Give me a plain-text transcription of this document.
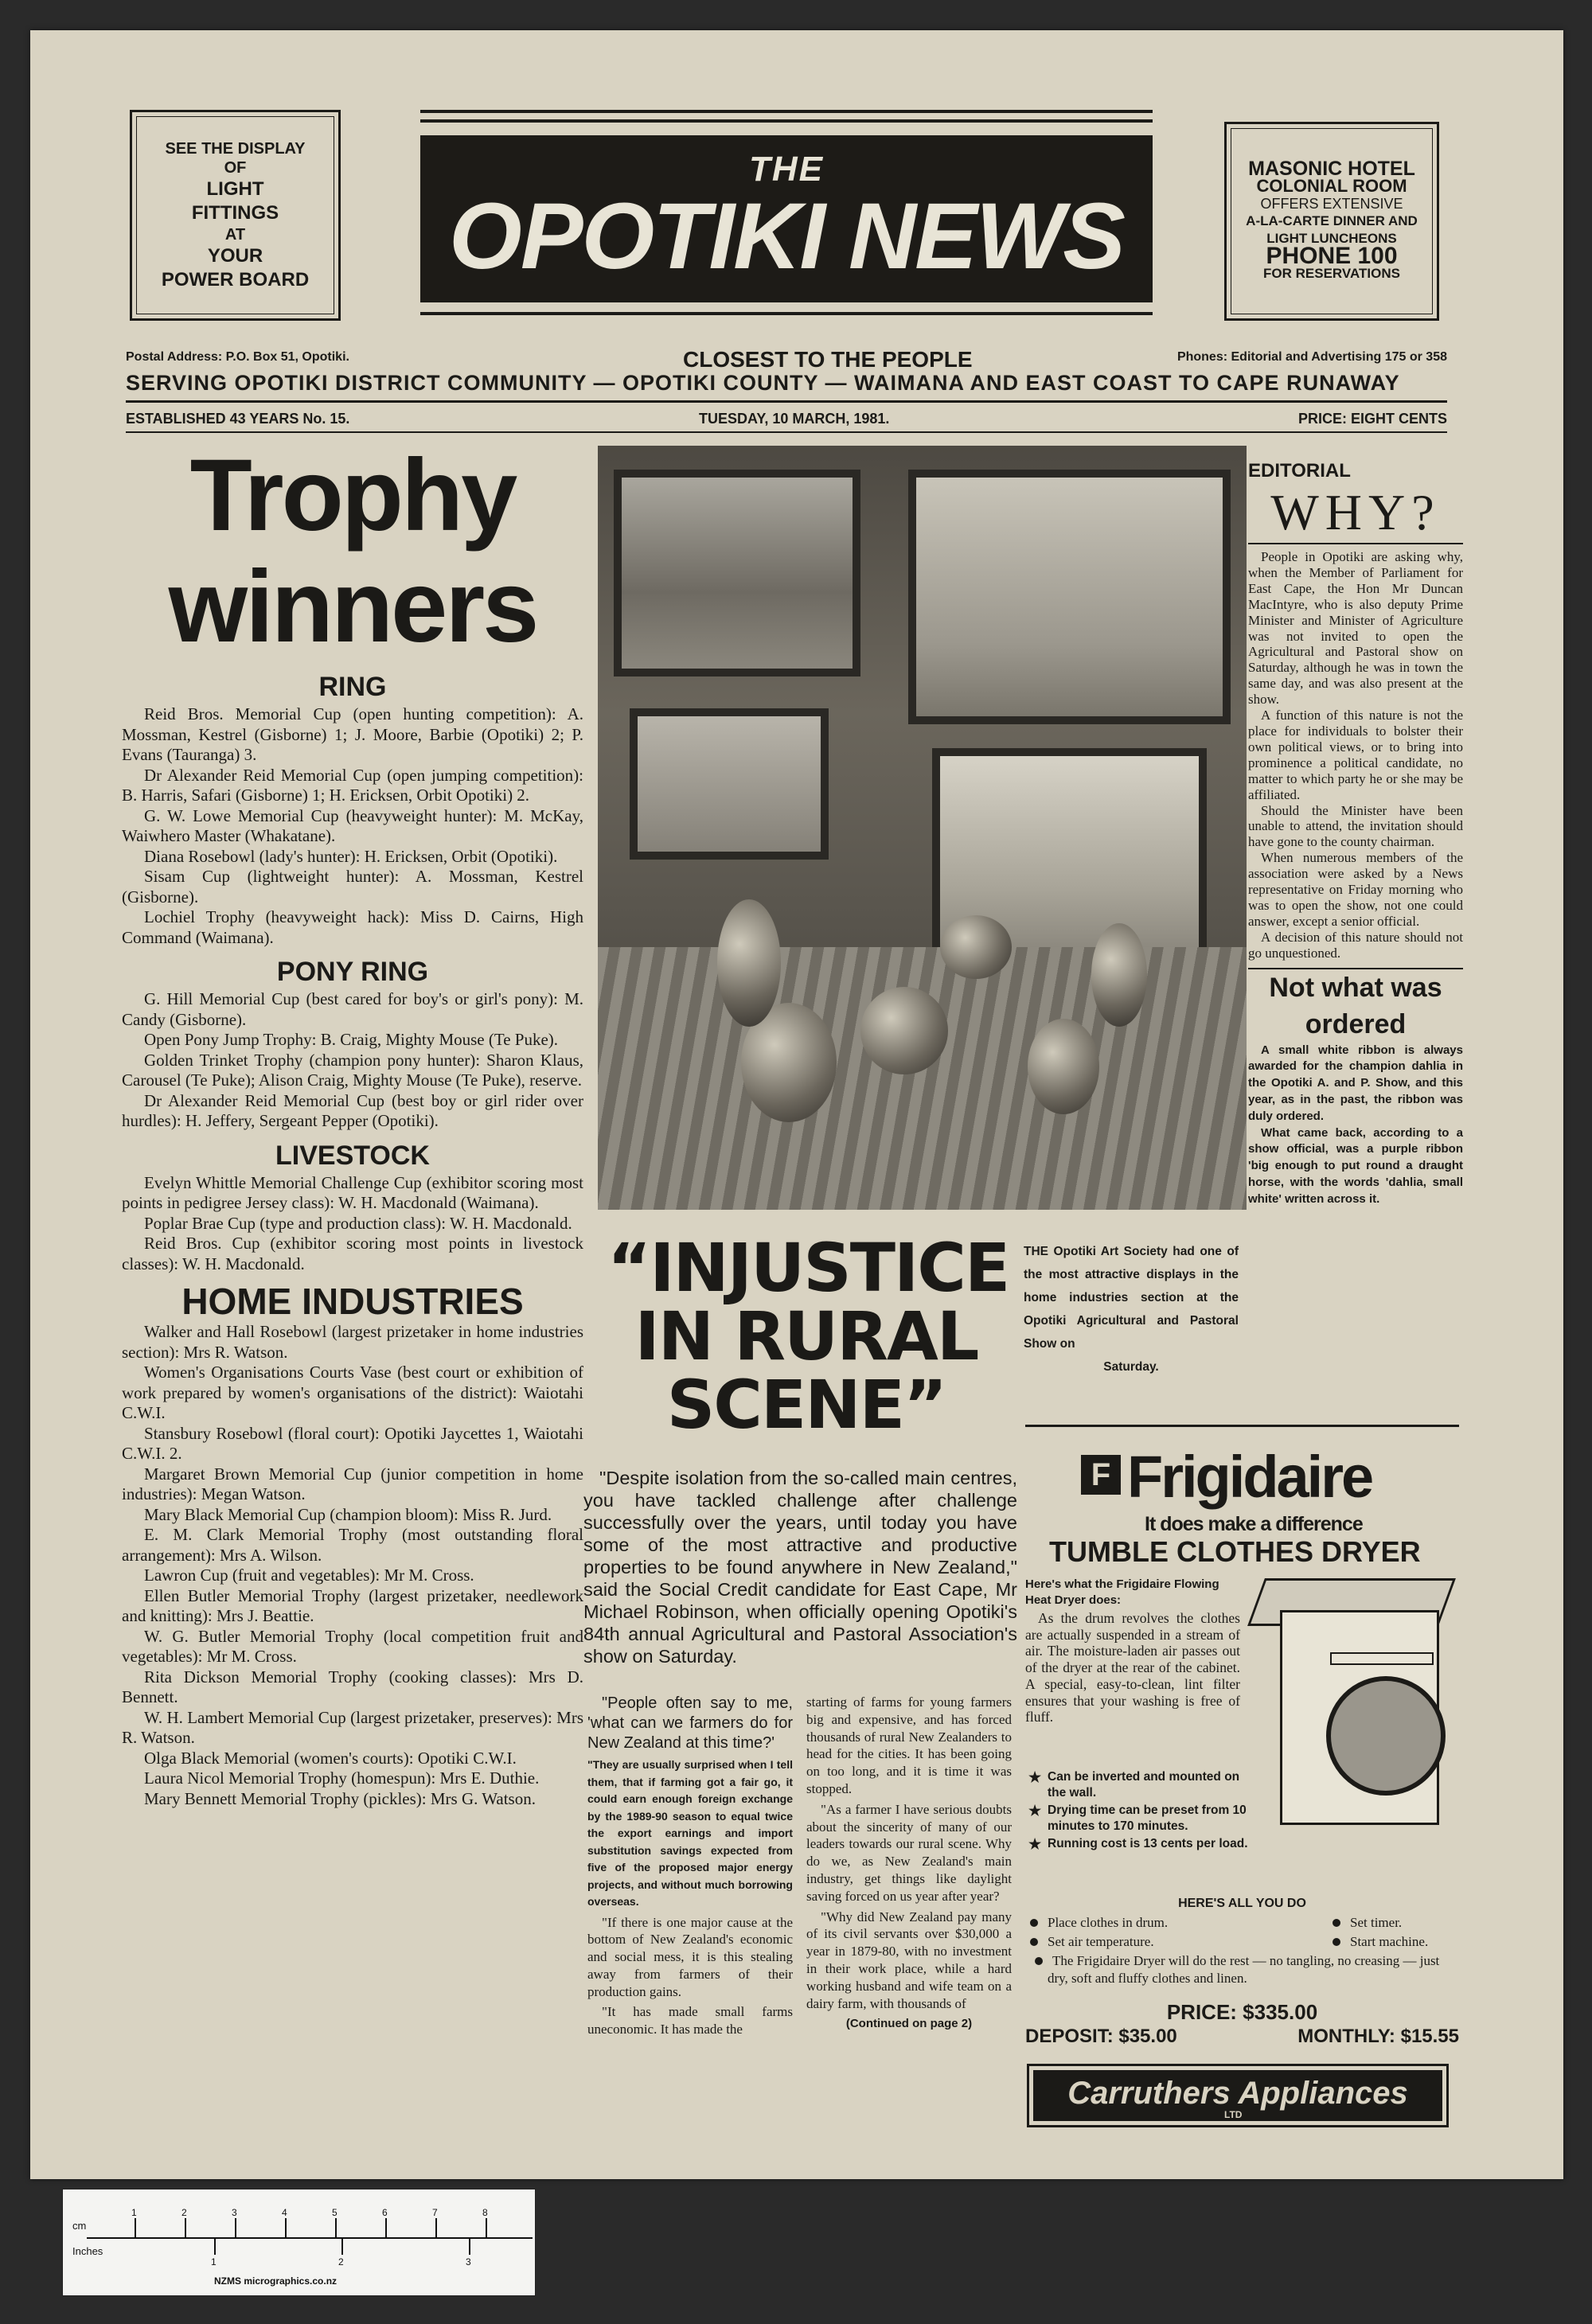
SEE THE DISPLAY
OF
LIGHT
FITTINGS
AT
YOUR
POWER BOARD
THE
OPOTIKI NEWS
MASONIC HOTEL
COLONIAL ROOM
OFFERS EXTENSIVE
A-LA-CARTE DINNER AND
LIGHT LUNCHEONS
PHONE 100
FOR RESERVATIONS
Postal Address: P.O. Box 51, Opotiki.	CLOSEST TO THE PEOPLE	Phones: Editorial and Advertising 175 or 358
SERVING OPOTIKI DISTRICT COMMUNITY — OPOTIKI COUNTY — WAIMANA AND EAST COAST TO CAPE RUNAWAY
ESTABLISHED 43 YEARS No. 15.	TUESDAY, 10 MARCH, 1981.	PRICE: EIGHT CENTS
Trophy
winners
RING

Reid Bros. Memorial Cup (open hunting competition): A. Mossman, Kestrel (Gisborne) 1; J. Moore, Barbie (Opotiki) 2; P. Evans (Tauranga) 3.

Dr Alexander Reid Memorial Cup (open jumping competition): B. Harris, Safari (Gisborne) 1; H. Ericksen, Orbit Opotiki) 2.

G. W. Lowe Memorial Cup (heavyweight hunter): M. McKay, Waiwhero Master (Whakatane).

Diana Rosebowl (lady's hunter): H. Ericksen, Orbit (Opotiki).

Sisam Cup (lightweight hunter): A. Mossman, Kestrel (Gisborne).

Lochiel Trophy (heavyweight hack): Miss D. Cairns, High Command (Waimana).

PONY RING

G. Hill Memorial Cup (best cared for boy's or girl's pony): M. Candy (Gisborne).

Open Pony Jump Trophy: B. Craig, Mighty Mouse (Te Puke).

Golden Trinket Trophy (champion pony hunter): Sharon Klaus, Carousel (Te Puke); Alison Craig, Mighty Mouse (Te Puke), reserve.

Dr Alexander Reid Memorial Cup (best boy or girl rider over hurdles): H. Jeffery, Sergeant Pepper (Opotiki).

LIVESTOCK

Evelyn Whittle Memorial Challenge Cup (exhibitor scoring most points in pedigree Jersey class): W. H. Macdonald (Waimana).

Poplar Brae Cup (type and production class): W. H. Macdonald.

Reid Bros. Cup (exhibitor scoring most points in livestock classes): W. H. Macdonald.

HOME INDUSTRIES

Walker and Hall Rosebowl (largest prizetaker in home industries section): Mrs R. Watson.

Women's Organisations Courts Vase (best court or exhibition of work prepared by women's organisations of the district): Waiotahi C.W.I.

Stansbury Rosebowl (floral court): Opotiki Jaycettes 1, Waiotahi C.W.I. 2.

Margaret Brown Memorial Cup (junior competition in home industries): Megan Watson.

Mary Black Memorial Cup (champion bloom): Miss R. Jurd.

E. M. Clark Memorial Trophy (most outstanding floral arrangement): Mrs A. Wilson.

Lawron Cup (fruit and vegetables): Mr M. Cross.

Ellen Butler Memorial Trophy (largest prizetaker, needlework and knitting): Mrs J. Beattie.

W. G. Butler Memorial Trophy (local competition fruit and vegetables): Mr M. Cross.

Rita Dickson Memorial Trophy (cooking classes): Mrs D. Bennett.

W. H. Lambert Memorial Cup (largest prizetaker, preserves): Mrs R. Watson.

Olga Black Memorial (women's courts): Opotiki C.W.I.

Laura Nicol Memorial Trophy (homespun): Mrs E. Duthie.

Mary Bennett Memorial Trophy (pickles): Mrs G. Watson.

THE Opotiki Art Society had one of the most attractive displays in the home industries section at the Opotiki Agricultural and Pastoral Show on
Saturday.
“INJUSTICE IN RURAL SCENE”

"Despite isolation from the so-called main centres, you have tackled challenge after challenge successfully over the years, until today you have some of the most attractive and productive properties to be found anywhere in New Zealand," said the Social Credit candidate for East Cape, Mr Michael Robinson, when officially opening Opotiki's 84th annual Agricultural and Pastoral Association's show on Saturday.

"People often say to me, 'what can we farmers do for New Zealand at this time?'

"They are usually surprised when I tell them, that if farming got a fair go, it could earn enough foreign exchange by the 1989-90 season to equal twice the export earnings and import substitution savings expected from five of the proposed major energy projects, and without much borrowing overseas.

"If there is one major cause at the bottom of New Zealand's economic and social mess, it is this stealing away from farmers of their production gains.

"It has made small farms uneconomic. It has made the

starting of farms for young farmers big and expensive, and has forced thousands of rural New Zealanders to head for the cities. It has been going on too long, and it is time it was stopped.

"As a farmer I have serious doubts about the sincerity of many of our leaders towards our rural scene. Why do we, as New Zealand's main industry, get things like daylight saving forced on us year after year?

"Why did New Zealand pay many of its civil servants over $30,000 a year in 1879-80, with no investment in their work place, while a hard working husband and wife team on a dairy farm, with thousands of

(Continued on page 2)

EDITORIAL
WHY?

People in Opotiki are asking why, when the Member of Parliament for East Cape, the Hon Mr Duncan MacIntyre, who is also deputy Prime Minister and Minister of Agriculture was not invited to open the Agricultural and Pastoral show on Saturday, although he was in town the same day, and was also present at the show.

A function of this nature is not the place for individuals to bolster their own political views, or to bring into prominence a political candidate, no matter to which party he or she may be affiliated.

Should the Minister have been unable to attend, the invitation should have gone to the county chairman.

When numerous members of the association were asked by a News representative on Friday morning who was to open the show, not one could answer, except a senior official.

A decision of this nature should not go unquestioned.

Not what was ordered

A small white ribbon is always awarded for the champion dahlia in the Opotiki A. and P. Show, and this year, as in the past, the ribbon was duly ordered.

What came back, according to a show official, was a purple ribbon 'big enough to put round a draught horse, with the words 'dahlia, small white' written across it.

F Frigidaire
It does make a difference
TUMBLE CLOTHES DRYER
Here's what the Frigidaire Flowing Heat Dryer does:

As the drum revolves the clothes are actually suspended in a stream of air. The moisture-laden air passes out of the dryer at the rear of the cabinet. A special, easy-to-clean, lint filter ensures that your washing is free of fluff.

★ Can be inverted and mounted on the wall.
★ Drying time can be preset from 10 minutes to 170 minutes.
★ Running cost is 13 cents per load.
HERE'S ALL YOU DO
Place clothes in drum.	Set timer.
Set air temperature.	Start machine.
The Frigidaire Dryer will do the rest — no tangling, no creasing — just dry, soft and fluffy clothes and linen.
PRICE: $335.00
DEPOSIT: $35.00	MONTHLY: $15.55
Carruthers Appliances
LTD
cm
Inches
1	2	3	4	5	6	7	8
1	2	3
NZMS micrographics.co.nz
